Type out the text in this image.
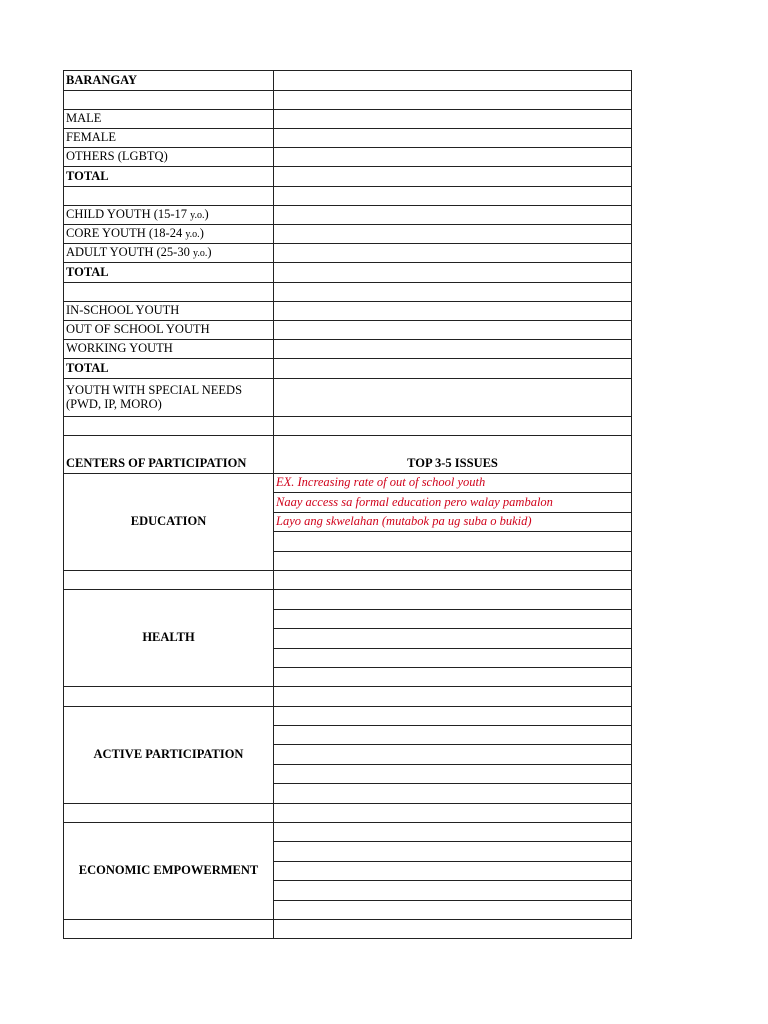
BARANGAY	

MALE	
FEMALE	
OTHERS (LGBTQ)	
TOTAL	

CHILD YOUTH (15-17 y.o.)	
CORE YOUTH (18-24 y.o.)	
ADULT YOUTH (25-30 y.o.)	
TOTAL	

IN-SCHOOL YOUTH	
OUT OF SCHOOL YOUTH	
WORKING YOUTH	
TOTAL	
YOUTH WITH SPECIAL NEEDS (PWD, IP, MORO)	

CENTERS OF PARTICIPATION	TOP 3-5 ISSUES
EDUCATION	EX. Increasing rate of out of school youth
	Naay access sa formal education pero walay pambalon
	Layo ang skwelahan (mutabok pa ug suba o bukid)

HEALTH	

ACTIVE PARTICIPATION	

ECONOMIC EMPOWERMENT	
